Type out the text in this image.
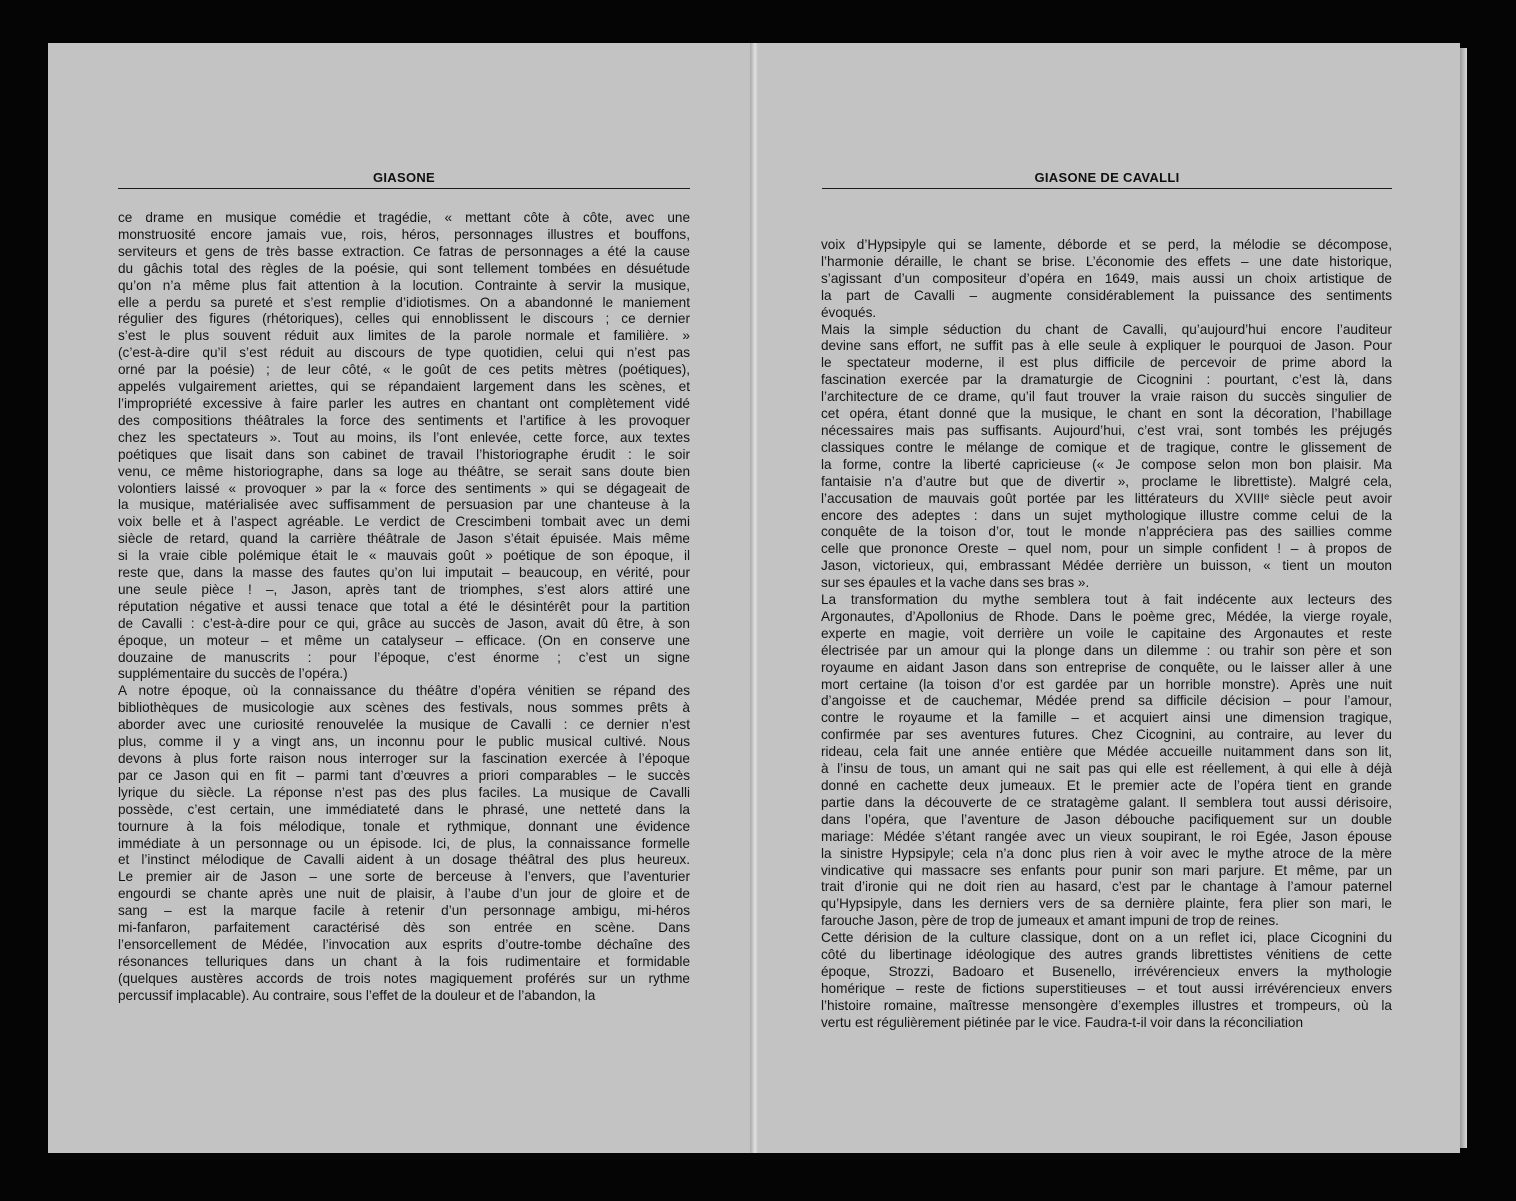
GIASONE	GIASONE DE CAVALLI

ce drame en musique comédie et tragédie, « mettant côte à côte, avec une
monstruosité encore jamais vue, rois, héros, personnages illustres et bouffons,
serviteurs et gens de très basse extraction. Ce fatras de personnages a été la cause
du gâchis total des règles de la poésie, qui sont tellement tombées en désuétude
qu’on n’a même plus fait attention à la locution. Contrainte à servir la musique,
elle a perdu sa pureté et s’est remplie d’idiotismes. On a abandonné le maniement
régulier des figures (rhétoriques), celles qui ennoblissent le discours ; ce dernier
s’est le plus souvent réduit aux limites de la parole normale et familière. »
(c’est-à-dire qu’il s’est réduit au discours de type quotidien, celui qui n’est pas
orné par la poésie) ; de leur côté, « le goût de ces petits mètres (poétiques),
appelés vulgairement ariettes, qui se répandaient largement dans les scènes, et
l’impropriété excessive à faire parler les autres en chantant ont complètement vidé
des compositions théâtrales la force des sentiments et l’artifice à les provoquer
chez les spectateurs ». Tout au moins, ils l’ont enlevée, cette force, aux textes
poétiques que lisait dans son cabinet de travail l’historiographe érudit : le soir
venu, ce même historiographe, dans sa loge au théâtre, se serait sans doute bien
volontiers laissé « provoquer » par la « force des sentiments » qui se dégageait de
la musique, matérialisée avec suffisamment de persuasion par une chanteuse à la
voix belle et à l’aspect agréable. Le verdict de Crescimbeni tombait avec un demi
siècle de retard, quand la carrière théâtrale de Jason s’était épuisée. Mais même
si la vraie cible polémique était le « mauvais goût » poétique de son époque, il
reste que, dans la masse des fautes qu’on lui imputait – beaucoup, en vérité, pour
une seule pièce ! –, Jason, après tant de triomphes, s’est alors attiré une
réputation négative et aussi tenace que total a été le désintérêt pour la partition
de Cavalli : c’est-à-dire pour ce qui, grâce au succès de Jason, avait dû être, à son
époque, un moteur – et même un catalyseur – efficace. (On en conserve une
douzaine de manuscrits : pour l’époque, c’est énorme ; c’est un signe
supplémentaire du succès de l’opéra.)

A notre époque, où la connaissance du théâtre d’opéra vénitien se répand des
bibliothèques de musicologie aux scènes des festivals, nous sommes prêts à
aborder avec une curiosité renouvelée la musique de Cavalli : ce dernier n’est
plus, comme il y a vingt ans, un inconnu pour le public musical cultivé. Nous
devons à plus forte raison nous interroger sur la fascination exercée à l’époque
par ce Jason qui en fit – parmi tant d’œuvres a priori comparables – le succès
lyrique du siècle. La réponse n’est pas des plus faciles. La musique de Cavalli
possède, c’est certain, une immédiateté dans le phrasé, une netteté dans la
tournure à la fois mélodique, tonale et rythmique, donnant une évidence
immédiate à un personnage ou un épisode. Ici, de plus, la connaissance formelle
et l’instinct mélodique de Cavalli aident à un dosage théâtral des plus heureux.
Le premier air de Jason – une sorte de berceuse à l’envers, que l’aventurier
engourdi se chante après une nuit de plaisir, à l’aube d’un jour de gloire et de
sang – est la marque facile à retenir d’un personnage ambigu, mi-héros
mi-fanfaron, parfaitement caractérisé dès son entrée en scène. Dans
l’ensorcellement de Médée, l’invocation aux esprits d’outre-tombe déchaîne des
résonances telluriques dans un chant à la fois rudimentaire et formidable
(quelques austères accords de trois notes magiquement proférés sur un rythme
percussif implacable). Au contraire, sous l’effet de la douleur et de l’abandon, la

voix d’Hypsipyle qui se lamente, déborde et se perd, la mélodie se décompose,
l’harmonie déraille, le chant se brise. L’économie des effets – une date historique,
s’agissant d’un compositeur d’opéra en 1649, mais aussi un choix artistique de
la part de Cavalli – augmente considérablement la puissance des sentiments
évoqués.

Mais la simple séduction du chant de Cavalli, qu’aujourd’hui encore l’auditeur
devine sans effort, ne suffit pas à elle seule à expliquer le pourquoi de Jason. Pour
le spectateur moderne, il est plus difficile de percevoir de prime abord la
fascination exercée par la dramaturgie de Cicognini : pourtant, c’est là, dans
l’architecture de ce drame, qu’il faut trouver la vraie raison du succès singulier de
cet opéra, étant donné que la musique, le chant en sont la décoration, l’habillage
nécessaires mais pas suffisants. Aujourd’hui, c’est vrai, sont tombés les préjugés
classiques contre le mélange de comique et de tragique, contre le glissement de
la forme, contre la liberté capricieuse (« Je compose selon mon bon plaisir. Ma
fantaisie n’a d’autre but que de divertir », proclame le librettiste). Malgré cela,
l’accusation de mauvais goût portée par les littérateurs du XVIIIᵉ siècle peut avoir
encore des adeptes : dans un sujet mythologique illustre comme celui de la
conquête de la toison d’or, tout le monde n’appréciera pas des saillies comme
celle que prononce Oreste – quel nom, pour un simple confident ! – à propos de
Jason, victorieux, qui, embrassant Médée derrière un buisson, « tient un mouton
sur ses épaules et la vache dans ses bras ».

La transformation du mythe semblera tout à fait indécente aux lecteurs des
Argonautes, d’Apollonius de Rhode. Dans le poème grec, Médée, la vierge royale,
experte en magie, voit derrière un voile le capitaine des Argonautes et reste
électrisée par un amour qui la plonge dans un dilemme : ou trahir son père et son
royaume en aidant Jason dans son entreprise de conquête, ou le laisser aller à une
mort certaine (la toison d’or est gardée par un horrible monstre). Après une nuit
d’angoisse et de cauchemar, Médée prend sa difficile décision – pour l’amour,
contre le royaume et la famille – et acquiert ainsi une dimension tragique,
confirmée par ses aventures futures. Chez Cicognini, au contraire, au lever du
rideau, cela fait une année entière que Médée accueille nuitamment dans son lit,
à l’insu de tous, un amant qui ne sait pas qui elle est réellement, à qui elle à déjà
donné en cachette deux jumeaux. Et le premier acte de l’opéra tient en grande
partie dans la découverte de ce stratagème galant. Il semblera tout aussi dérisoire,
dans l’opéra, que l’aventure de Jason débouche pacifiquement sur un double
mariage: Médée s’étant rangée avec un vieux soupirant, le roi Egée, Jason épouse
la sinistre Hypsipyle; cela n’a donc plus rien à voir avec le mythe atroce de la mère
vindicative qui massacre ses enfants pour punir son mari parjure. Et même, par un
trait d’ironie qui ne doit rien au hasard, c’est par le chantage à l’amour paternel
qu’Hypsipyle, dans les derniers vers de sa dernière plainte, fera plier son mari, le
farouche Jason, père de trop de jumeaux et amant impuni de trop de reines.

Cette dérision de la culture classique, dont on a un reflet ici, place Cicognini du
côté du libertinage idéologique des autres grands librettistes vénitiens de cette
époque, Strozzi, Badoaro et Busenello, irrévérencieux envers la mythologie
homérique – reste de fictions superstitieuses – et tout aussi irrévérencieux envers
l’histoire romaine, maîtresse mensongère d’exemples illustres et trompeurs, où la
vertu est régulièrement piétinée par le vice. Faudra-t-il voir dans la réconciliation
